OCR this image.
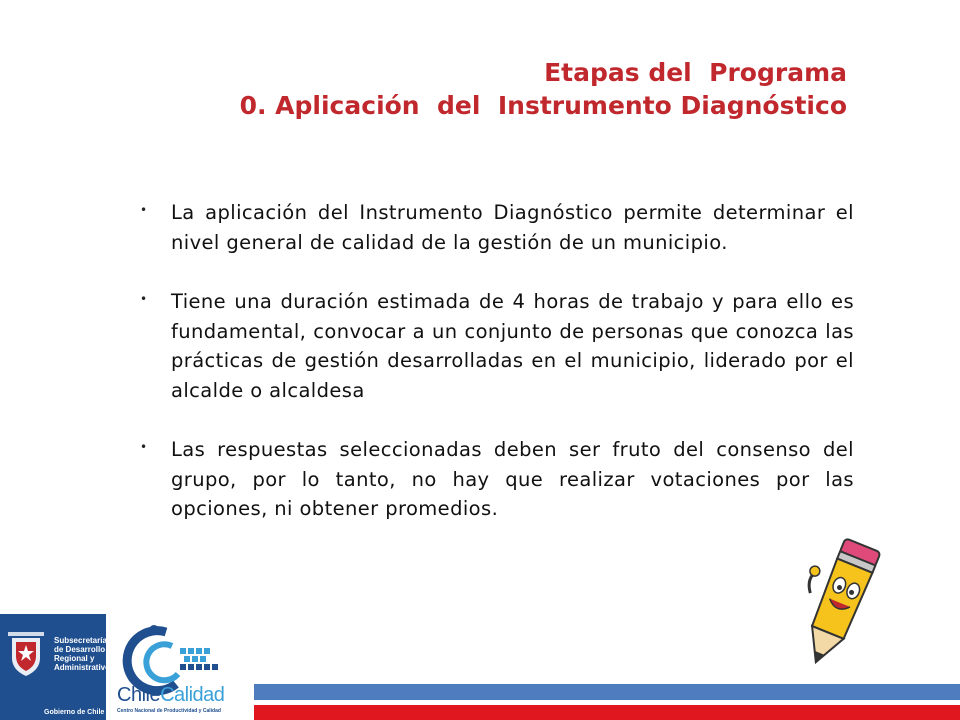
Etapas del  Programa
0. Aplicación  del  Instrumento Diagnóstico
• La aplicación del Instrumento Diagnóstico permite determinar el nivel general de calidad de la gestión de un municipio.
• Tiene una duración estimada de 4 horas de trabajo y para ello es fundamental, convocar a un conjunto de personas que conozca las prácticas de gestión desarrolladas en el municipio, liderado por el alcalde o alcaldesa
• Las respuestas seleccionadas deben ser fruto del consenso del grupo, por lo tanto, no hay que realizar votaciones por las opciones, ni obtener promedios.
Subsecretaría
de Desarrollo
Regional y
Administrativo
Gobierno de Chile
ChileCalidad
Centro Nacional de Productividad y Calidad
